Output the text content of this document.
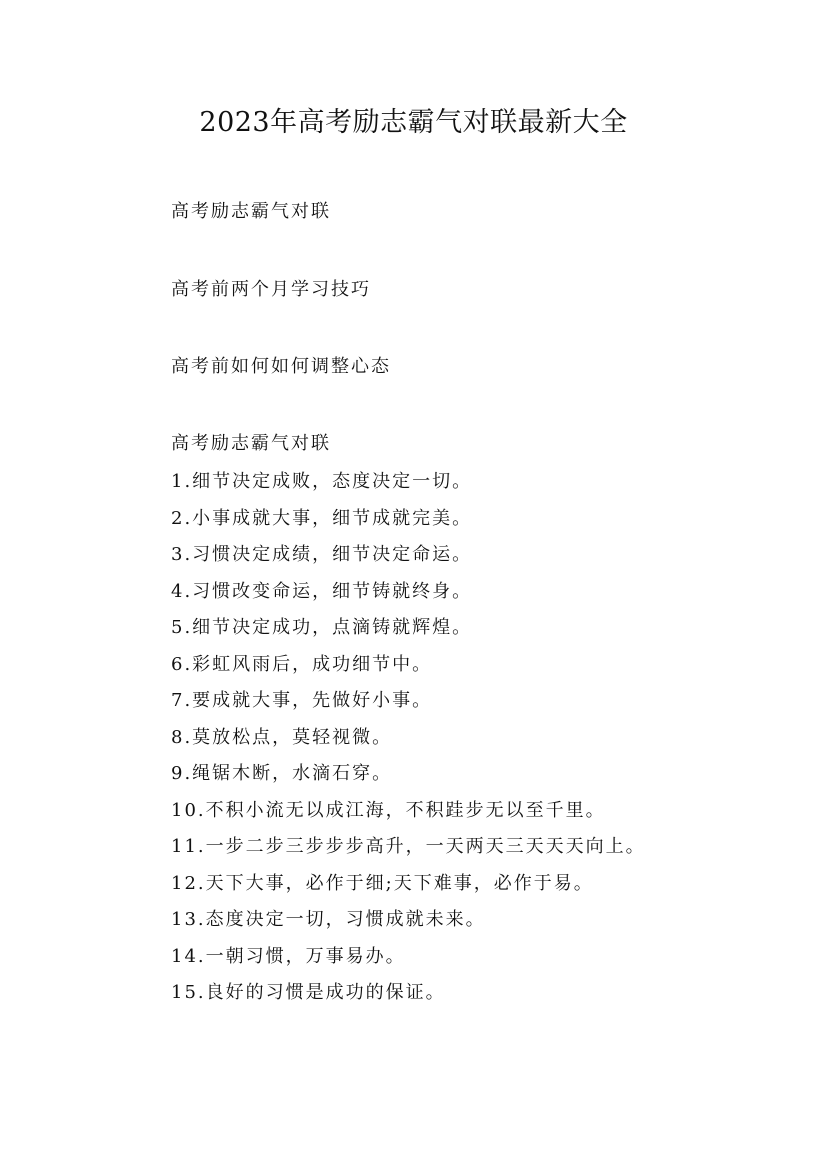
2023年高考励志霸气对联最新大全

高考励志霸气对联

高考前两个月学习技巧

高考前如何如何调整心态

高考励志霸气对联

1.细节决定成败，态度决定一切。
2.小事成就大事，细节成就完美。
3.习惯决定成绩，细节决定命运。
4.习惯改变命运，细节铸就终身。
5.细节决定成功，点滴铸就辉煌。
6.彩虹风雨后，成功细节中。
7.要成就大事，先做好小事。
8.莫放松点，莫轻视微。
9.绳锯木断，水滴石穿。
10.不积小流无以成江海，不积跬步无以至千里。
11.一步二步三步步步高升，一天两天三天天天向上。
12.天下大事，必作于细;天下难事，必作于易。
13.态度决定一切，习惯成就未来。
14.一朝习惯，万事易办。
15.良好的习惯是成功的保证。
